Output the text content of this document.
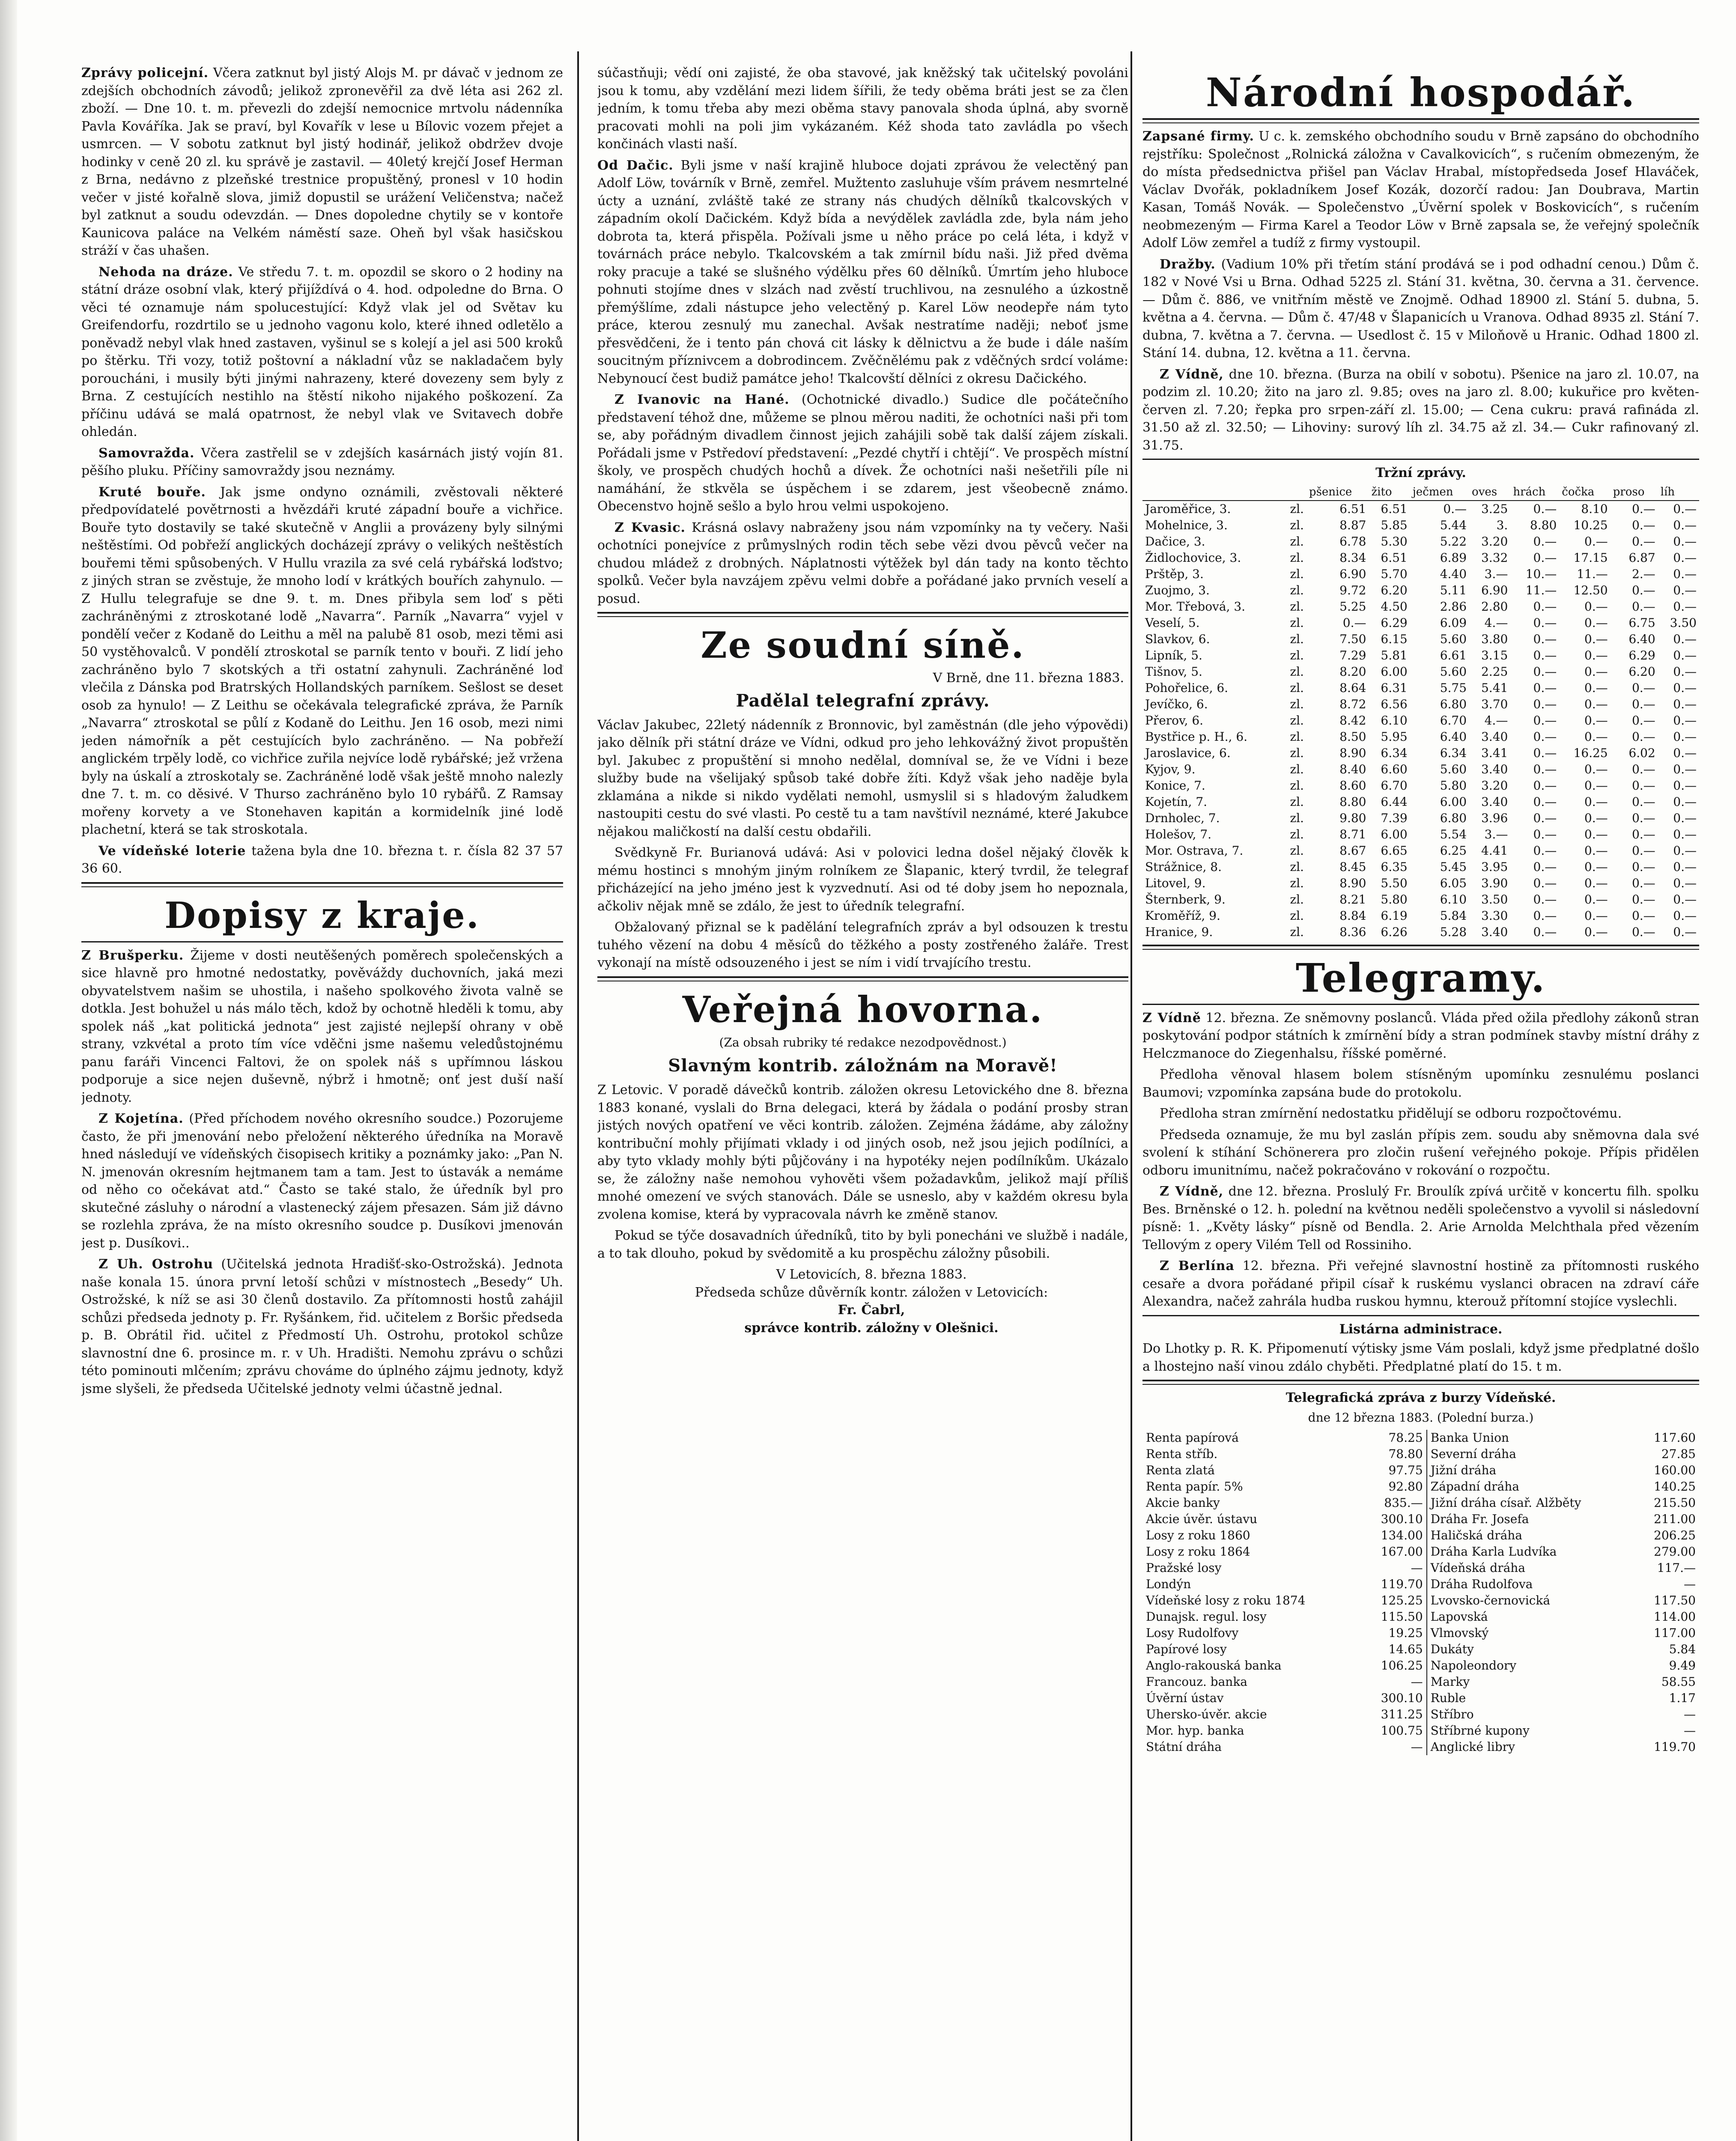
Zprávy policejní. Včera zatknut byl jistý Alojs M. pr dávač v jednom ze zdejších obchodních závodů; jelikož zpronevěřil za dvě léta asi 262 zl. zboží. — Dne 10. t. m. převezli do zdejší nemocnice mrtvolu nádenníka Pavla Kováříka. Jak se praví, byl Kovařík v lese u Bílovic vozem přejet a usmrcen. — V sobotu zatknut byl jistý hodinář, jelikož obdržev dvoje hodinky v ceně 20 zl. ku správě je zastavil. — 40letý krejčí Josef Herman z Brna, nedávno z plzeňské trestnice propuštěný, pronesl v 10 hodin večer v jisté kořalně slova, jimiž dopustil se urážení Veličenstva; načež byl zatknut a soudu odevzdán. — Dnes dopoledne chytily se v kontoře Kaunicova paláce na Velkém náměstí saze. Oheň byl však hasičskou stráží v čas uhašen.

Nehoda na dráze. Ve středu 7. t. m. opozdil se skoro o 2 hodiny na státní dráze osobní vlak, který přijíždívá o 4. hod. odpoledne do Brna. O věci té oznamuje nám spolucestující: Když vlak jel od Světav ku Greifendorfu, rozdrtilo se u jednoho vagonu kolo, které ihned odletělo a poněvadž nebyl vlak hned zastaven, vyšinul se s kolejí a jel asi 500 kroků po štěrku. Tři vozy, totiž poštovní a nákladní vůz se nakladačem byly poroucháni, i musily býti jinými nahrazeny, které dovezeny sem byly z Brna. Z cestujících nestihlo na štěstí nikoho nijakého poškození. Za příčinu udává se malá opatrnost, že nebyl vlak ve Svitavech dobře ohledán.

Samovražda. Včera zastřelil se v zdejších kasárnách jistý vojín 81. pěšího pluku. Příčiny samovraždy jsou neznámy.

Kruté bouře. Jak jsme ondyno oznámili, zvěstovali některé předpovídatelé povětrnosti a hvězdáři kruté západní bouře a vichřice. Bouře tyto dostavily se také skutečně v Anglii a provázeny byly silnými neštěstími. Od pobřeží anglických docházejí zprávy o velikých neštěstích bouřemi těmi spůsobených. V Hullu vrazila za své celá rybářská loďstvo; z jiných stran se zvěstuje, že mnoho lodí v krátkých bouřích zahynulo. — Z Hullu telegrafuje se dne 9. t. m. Dnes přibyla sem loď s pěti zachráněnými z ztroskotané lodě „Navarra“. Parník „Navarra“ vyjel v pondělí večer z Kodaně do Leithu a měl na palubě 81 osob, mezi těmi asi 50 vystěhovalců. V pondělí ztroskotal se parník tento v bouři. Z lidí jeho zachráněno bylo 7 skotských a tři ostatní zahynuli. Zachráněné loď vlečila z Dánska pod Bratrských Hollandských parníkem. Sešlost se deset osob za hynulo! — Z Leithu se očekávala telegrafické zpráva, že Parník „Navarra“ ztroskotal se půlí z Kodaně do Leithu. Jen 16 osob, mezi nimi jeden námořník a pět cestujících bylo zachráněno. — Na pobřeží anglickém trpěly lodě, co vichřice zuřila nejvíce lodě rybářské; jež vržena byly na úskalí a ztroskotaly se. Zachráněné lodě však ještě mnoho nalezly dne 7. t. m. co děsivé. V Thurso zachráněno bylo 10 rybářů. Z Ramsay mořeny korvety a ve Stonehaven kapitán a kormidelník jiné lodě plachetní, která se tak stroskotala.

Ve vídeňské loterie tažena byla dne 10. března t. r. čísla 82 37 57 36 60.

Dopisy z kraje.

Z Brušperku. Žijeme v dosti neutěšených poměrech společenských a sice hlavně pro hmotné nedostatky, pověváždy duchovních, jaká mezi obyvatelstvem našim se uhostila, i našeho spolkového života valně se dotkla. Jest bohužel u nás málo těch, kdož by ochotně hleděli k tomu, aby spolek náš „kat politická jednota“ jest zajisté nejlepší ohrany v obě strany, vzkvétal a proto tím více vděčni jsme našemu veledůstojnému panu faráři Vincenci Faltovi, že on spolek náš s upřímnou láskou podporuje a sice nejen duševně, nýbrž i hmotně; onť jest duší naší jednoty.

Z Kojetína. (Před příchodem nového okresního soudce.) Pozorujeme často, že při jmenování nebo přeložení některého úředníka na Moravě hned následují ve vídeňských čisopisech kritiky a poznámky jako: „Pan N. N. jmenován okresním hejtmanem tam a tam. Jest to ústavák a nemáme od něho co očekávat atd.“ Často se také stalo, že úředník byl pro skutečné zásluhy o národní a vlastenecký zájem přesazen. Sám již dávno se rozlehla zpráva, že na místo okresního soudce p. Dusíkovi jmenován jest p. Dusíkovi..

Z Uh. Ostrohu (Učitelská jednota Hradišť-sko-Ostrožská). Jednota naše konala 15. února první letoší schůzi v místnostech „Besedy“ Uh. Ostrožské, k níž se asi 30 členů dostavilo. Za přítomnosti hostů zahájil schůzi předseda jednoty p. Fr. Ryšánkem, řid. učitelem z Boršic předseda p. B. Obrátil řid. učitel z Předmostí Uh. Ostrohu, protokol schůze slavnostní dne 6. prosince m. r. v Uh. Hradišti. Nemohu zprávu o schůzi této pominouti mlčením; zprávu chováme do úplného zájmu jednoty, když jsme slyšeli, že předseda Učitelské jednoty velmi účastně jednal.

súčastňuji; vědí oni zajisté, že oba stavové, jak kněžský tak učitelský povoláni jsou k tomu, aby vzdělání mezi lidem šířili, že tedy oběma bráti jest se za člen jedním, k tomu třeba aby mezi oběma stavy panovala shoda úplná, aby svorně pracovati mohli na poli jim vykázaném. Kéž shoda tato zavládla po všech končinách vlasti naší.

Od Dačic. Byli jsme v naší krajině hluboce dojati zprávou že velectěný pan Adolf Löw, továrník v Brně, zemřel. Mužtento zasluhuje vším právem nesmrtelné úcty a uznání, zvláště také ze strany nás chudých dělníků tkalcovských v západním okolí Dačickém. Když bída a nevýdělek zavládla zde, byla nám jeho dobrota ta, která přispěla. Požívali jsme u něho práce po celá léta, i když v továrnách práce nebylo. Tkalcovském a tak zmírnil bídu naši. Již před dvěma roky pracuje a také se slušného výdělku přes 60 dělníků. Úmrtím jeho hluboce pohnuti stojíme dnes v slzách nad zvěstí truchlivou, na zesnulého a úzkostně přemýšlíme, zdali nástupce jeho velectěný p. Karel Löw neodepře nám tyto práce, kterou zesnulý mu zanechal. Avšak nestratíme naději; neboť jsme přesvědčeni, že i tento pán chová cit lásky k dělnictvu a že bude i dále naším soucitným příznivcem a dobrodincem. Zvěčnělému pak z vděčných srdcí voláme: Nebynoucí čest budiž památce jeho! Tkalcovští dělníci z okresu Dačického.

Z Ivanovic na Hané. (Ochotnické divadlo.) Sudice dle počátečního představení téhož dne, můžeme se plnou měrou naditi, že ochotníci naši při tom se, aby pořádným divadlem činnost jejich zahájili sobě tak další zájem získali. Pořádali jsme v Pstředoví představení: „Pezdé chytří i chtějí“. Ve prospěch místní školy, ve prospěch chudých hochů a dívek. Že ochotníci naši nešetřili píle ni namáhání, že stkvěla se úspěchem i se zdarem, jest všeobecně známo. Obecenstvo hojně sešlo a bylo hrou velmi uspokojeno.

Z Kvasic. Krásná oslavy nabraženy jsou nám vzpomínky na ty večery. Naši ochotníci ponejvíce z průmyslných rodin těch sebe vězi dvou pěvců večer na chudou mládež z drobných. Náplatnosti výtěžek byl dán tady na konto těchto spolků. Večer byla navzájem zpěvu velmi dobře a pořádané jako prvních veselí a posud.

Ze soudní síně.
V Brně, dne 11. března 1883.
Padělal telegrafní zprávy.

Václav Jakubec, 22letý nádenník z Bronnovic, byl zaměstnán (dle jeho výpovědi) jako dělník při státní dráze ve Vídni, odkud pro jeho lehkovážný život propuštěn byl. Jakubec z propuštění si mnoho nedělal, domníval se, že ve Vídni i beze služby bude na všelijaký spůsob také dobře žíti. Když však jeho naděje byla zklamána a nikde si nikdo vydělati nemohl, usmyslil si s hladovým žaludkem nastoupiti cestu do své vlasti. Po cestě tu a tam navštívil neznámé, které Jakubce nějakou maličkostí na další cestu obdařili.

Svědkyně Fr. Burianová udává: Asi v polovici ledna došel nějaký člověk k mému hostinci s mnohým jiným rolníkem ze Šlapanic, který tvrdil, že telegraf přicházející na jeho jméno jest k vyzvednutí. Asi od té doby jsem ho nepoznala, ačkoliv nějak mně se zdálo, že jest to úředník telegrafní.

Obžalovaný přiznal se k padělání telegrafních zpráv a byl odsouzen k trestu tuhého vězení na dobu 4 měsíců do těžkého a posty zostřeného žaláře. Trest vykonají na místě odsouzeného i jest se ním i vidí trvajícího trestu.

Veřejná hovorna.
(Za obsah rubriky té redakce nezodpovědnost.)
Slavným kontrib. záložnám na Moravě!

Z Letovic. V poradě dávečků kontrib. záložen okresu Letovického dne 8. března 1883 konané, vyslali do Brna delegaci, která by žádala o podání prosby stran jistých nových opatření ve věci kontrib. záložen. Zejména žádáme, aby záložny kontribuční mohly přijímati vklady i od jiných osob, než jsou jejich podílníci, a aby tyto vklady mohly býti půjčovány i na hypotéky nejen podílníkům. Ukázalo se, že záložny naše nemohou vyhověti všem požadavkům, jelikož mají příliš mnohé omezení ve svých stanovách. Dále se usneslo, aby v každém okresu byla zvolena komise, která by vypracovala návrh ke změně stanov.

Pokud se týče dosavadních úředníků, tito by byli ponecháni ve službě i nadále, a to tak dlouho, pokud by svědomitě a ku prospěchu záložny působili.

V Letovicích, 8. března 1883.

Předseda schůze důvěrník kontr. záložen v Letovicích:

Fr. Čabrl,

správce kontrib. záložny v Olešnici.

Národní hospodář.

Zapsané firmy. U c. k. zemského obchodního soudu v Brně zapsáno do obchodního rejstříku: Společnost „Rolnická záložna v Cavalkovicích“, s ručením obmezeným, že do místa předsednictva přišel pan Václav Hrabal, místopředseda Josef Hlaváček, Václav Dvořák, pokladníkem Josef Kozák, dozorčí radou: Jan Doubrava, Martin Kasan, Tomáš Novák. — Společenstvo „Úvěrní spolek v Boskovicích“, s ručením neobmezeným — Firma Karel a Teodor Löw v Brně zapsala se, že veřejný společník Adolf Löw zemřel a tudíž z firmy vystoupil.

Dražby. (Vadium 10% při třetím stání prodává se i pod odhadní cenou.) Dům č. 182 v Nové Vsi u Brna. Odhad 5225 zl. Stání 31. května, 30. června a 31. července. — Dům č. 886, ve vnitřním městě ve Znojmě. Odhad 18900 zl. Stání 5. dubna, 5. května a 4. června. — Dům č. 47/48 v Šlapanicích u Vranova. Odhad 8935 zl. Stání 7. dubna, 7. května a 7. června. — Usedlost č. 15 v Miloňově u Hranic. Odhad 1800 zl. Stání 14. dubna, 12. května a 11. června.

Z Vídně, dne 10. března. (Burza na obilí v sobotu). Pšenice na jaro zl. 10.07, na podzim zl. 10.20; žito na jaro zl. 9.85; oves na jaro zl. 8.00; kukuřice pro květen-červen zl. 7.20; řepka pro srpen-září zl. 15.00; — Cena cukru: pravá rafináda zl. 31.50 až zl. 32.50; — Lihoviny: surový líh zl. 34.75 až zl. 34.— Cukr rafinovaný zl. 31.75.

Tržní zprávy.
		pšenice	žito	ječmen	oves	hrách	čočka	proso	líh
Jaroměřice, 3.	zl.	6.51	6.51	0.—	3.25	0.—	8.10	0.—	0.—
Mohelnice, 3.	zl.	8.87	5.85	5.44	3.	8.80	10.25	0.—	0.—
Dačice, 3.	zl.	6.78	5.30	5.22	3.20	0.—	0.—	0.—	0.—
Židlochovice, 3.	zl.	8.34	6.51	6.89	3.32	0.—	17.15	6.87	0.—
Prštěp, 3.	zl.	6.90	5.70	4.40	3.—	10.—	11.—	2.—	0.—
Zuojmo, 3.	zl.	9.72	6.20	5.11	6.90	11.—	12.50	0.—	0.—
Mor. Třebová, 3.	zl.	5.25	4.50	2.86	2.80	0.—	0.—	0.—	0.—
Veselí, 5.	zl.	0.—	6.29	6.09	4.—	0.—	0.—	6.75	3.50
Slavkov, 6.	zl.	7.50	6.15	5.60	3.80	0.—	0.—	6.40	0.—
Lipník, 5.	zl.	7.29	5.81	6.61	3.15	0.—	0.—	6.29	0.—
Tišnov, 5.	zl.	8.20	6.00	5.60	2.25	0.—	0.—	6.20	0.—
Pohořelice, 6.	zl.	8.64	6.31	5.75	5.41	0.—	0.—	0.—	0.—
Jevíčko, 6.	zl.	8.72	6.56	6.80	3.70	0.—	0.—	0.—	0.—
Přerov, 6.	zl.	8.42	6.10	6.70	4.—	0.—	0.—	0.—	0.—
Bystřice p. H., 6.	zl.	8.50	5.95	6.40	3.40	0.—	0.—	0.—	0.—
Jaroslavice, 6.	zl.	8.90	6.34	6.34	3.41	0.—	16.25	6.02	0.—
Kyjov, 9.	zl.	8.40	6.60	5.60	3.40	0.—	0.—	0.—	0.—
Konice, 7.	zl.	8.60	6.70	5.80	3.20	0.—	0.—	0.—	0.—
Kojetín, 7.	zl.	8.80	6.44	6.00	3.40	0.—	0.—	0.—	0.—
Drnholec, 7.	zl.	9.80	7.39	6.80	3.96	0.—	0.—	0.—	0.—
Holešov, 7.	zl.	8.71	6.00	5.54	3.—	0.—	0.—	0.—	0.—
Mor. Ostrava, 7.	zl.	8.67	6.65	6.25	4.41	0.—	0.—	0.—	0.—
Strážnice, 8.	zl.	8.45	6.35	5.45	3.95	0.—	0.—	0.—	0.—
Litovel, 9.	zl.	8.90	5.50	6.05	3.90	0.—	0.—	0.—	0.—
Šternberk, 9.	zl.	8.21	5.80	6.10	3.50	0.—	0.—	0.—	0.—
Kroměříž, 9.	zl.	8.84	6.19	5.84	3.30	0.—	0.—	0.—	0.—
Hranice, 9.	zl.	8.36	6.26	5.28	3.40	0.—	0.—	0.—	0.—
Telegramy.

Z Vídně 12. března. Ze sněmovny poslanců. Vláda před ožila předlohy zákonů stran poskytování podpor státních k zmírnění bídy a stran podmínek stavby místní dráhy z Helczmanoce do Ziegenhalsu, říšské poměrné.

Předloha věnoval hlasem bolem stísněným upomínku zesnulému poslanci Baumovi; vzpomínka zapsána bude do protokolu.

Předloha stran zmírnění nedostatku přidělují se odboru rozpočtovému.

Předseda oznamuje, že mu byl zaslán přípis zem. soudu aby sněmovna dala své svolení k stíhání Schönerera pro zločin rušení veřejného pokoje. Přípis přidělen odboru imunitnímu, načež pokračováno v rokování o rozpočtu.

Z Vídně, dne 12. března. Proslulý Fr. Broulík zpívá určitě v koncertu filh. spolku Bes. Brněnské o 12. h. polední na květnou neděli společenstvo a vyvolil si následovní písně: 1. „Květy lásky“ písně od Bendla. 2. Arie Arnolda Melchthala před vězením Tellovým z opery Vilém Tell od Rossiniho.

Z Berlína 12. března. Při veřejné slavnostní hostině za přítomnosti ruského cesaře a dvora pořádané připil císař k ruskému vyslanci obracen na zdraví cáře Alexandra, načež zahrála hudba ruskou hymnu, kterouž přítomní stojíce vyslechli.

Listárna administrace.

Do Lhotky p. R. K. Připomenutí výtisky jsme Vám poslali, když jsme předplatné došlo a lhostejno naší vinou zdálo chyběti. Předplatné platí do 15. t m.

Telegrafická zpráva z burzy Vídeňské.
dne 12 března 1883. (Polední burza.)
Renta papírová	78.25	Banka Union	117.60
Renta stříb.	78.80	Severní dráha	27.85
Renta zlatá	97.75	Jižní dráha	160.00
Renta papír. 5%	92.80	Západní dráha	140.25
Akcie banky	835.—	Jižní dráha císař. Alžběty	215.50
Akcie úvěr. ústavu	300.10	Dráha Fr. Josefa	211.00
Losy z roku 1860	134.00	Haličská dráha	206.25
Losy z roku 1864	167.00	Dráha Karla Ludvíka	279.00
Pražské losy	—	Vídeňská dráha	117.—
Londýn	119.70	Dráha Rudolfova	—
Vídeňské losy z roku 1874	125.25	Lvovsko-černovická	117.50
Dunajsk. regul. losy	115.50	Lapovská	114.00
Losy Rudolfovy	19.25	Vlmovský	117.00
Papírové losy	14.65	Dukáty	5.84
Anglo-rakouská banka	106.25	Napoleondory	9.49
Francouz. banka	—	Marky	58.55
Úvěrní ústav	300.10	Ruble	1.17
Uhersko-úvěr. akcie	311.25	Stříbro	—
Mor. hyp. banka	100.75	Stříbrné kupony	—
Státní dráha	—	Anglické libry	119.70
